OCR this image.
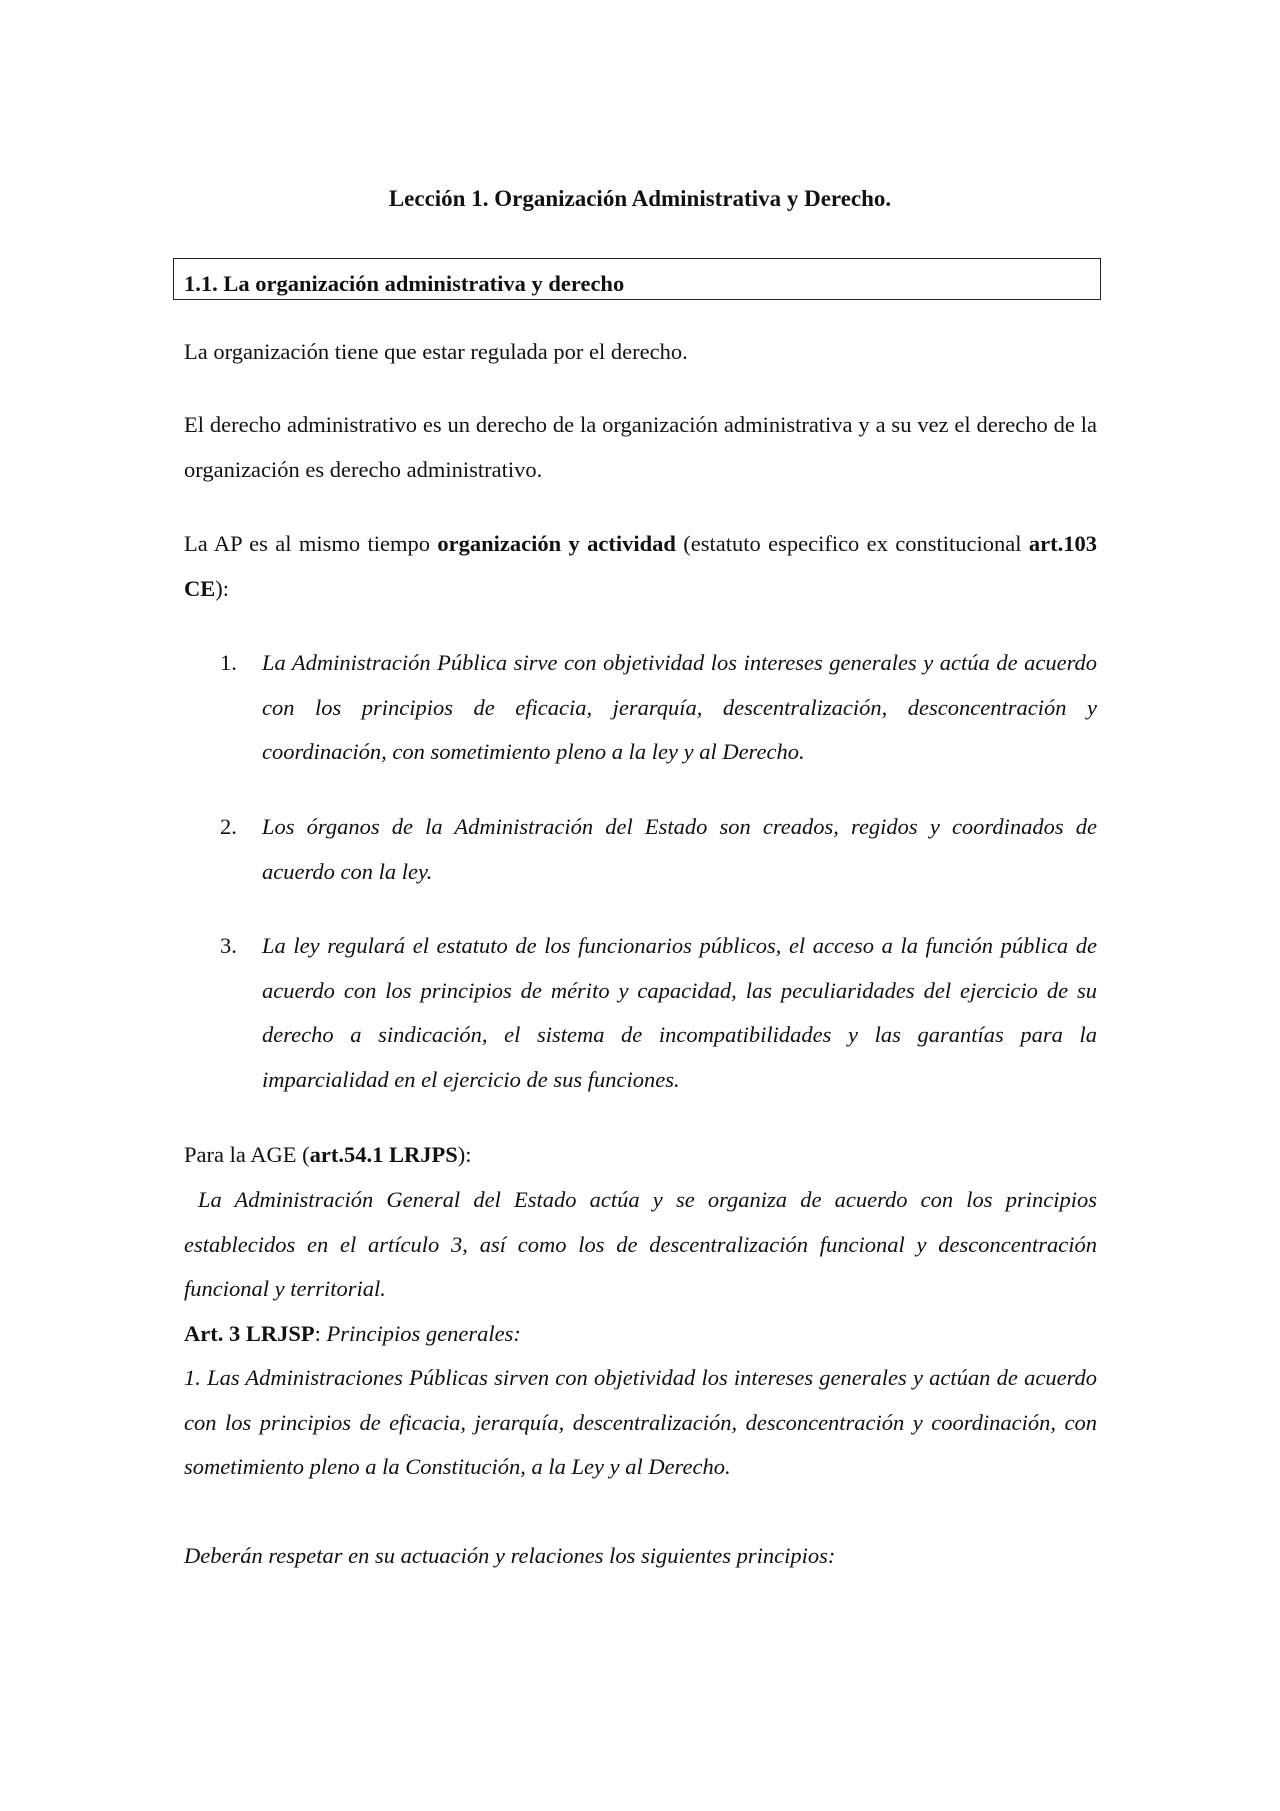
Lección 1. Organización Administrativa y Derecho.
1.1. La organización administrativa y derecho

La organización tiene que estar regulada por el derecho.

El derecho administrativo es un derecho de la organización administrativa y a su vez el derecho de la organización es derecho administrativo.

La AP es al mismo tiempo organización y actividad (estatuto especifico ex constitucional art.103 CE):

1.	La Administración Pública sirve con objetividad los intereses generales y actúa de acuerdo con los principios de eficacia, jerarquía, descentralización, desconcentración y coordinación, con sometimiento pleno a la ley y al Derecho.
2.	Los órganos de la Administración del Estado son creados, regidos y coordinados de acuerdo con la ley.
3.	La ley regulará el estatuto de los funcionarios públicos, el acceso a la función pública de acuerdo con los principios de mérito y capacidad, las peculiaridades del ejercicio de su derecho a sindicación, el sistema de incompatibilidades y las garantías para la imparcialidad en el ejercicio de sus funciones.

Para la AGE (art.54.1 LRJPS):

La Administración General del Estado actúa y se organiza de acuerdo con los principios establecidos en el artículo 3, así como los de descentralización funcional y desconcentración funcional y territorial.

Art. 3 LRJSP: Principios generales:

1. Las Administraciones Públicas sirven con objetividad los intereses generales y actúan de acuerdo con los principios de eficacia, jerarquía, descentralización, desconcentración y coordinación, con sometimiento pleno a la Constitución, a la Ley y al Derecho.

Deberán respetar en su actuación y relaciones los siguientes principios:
